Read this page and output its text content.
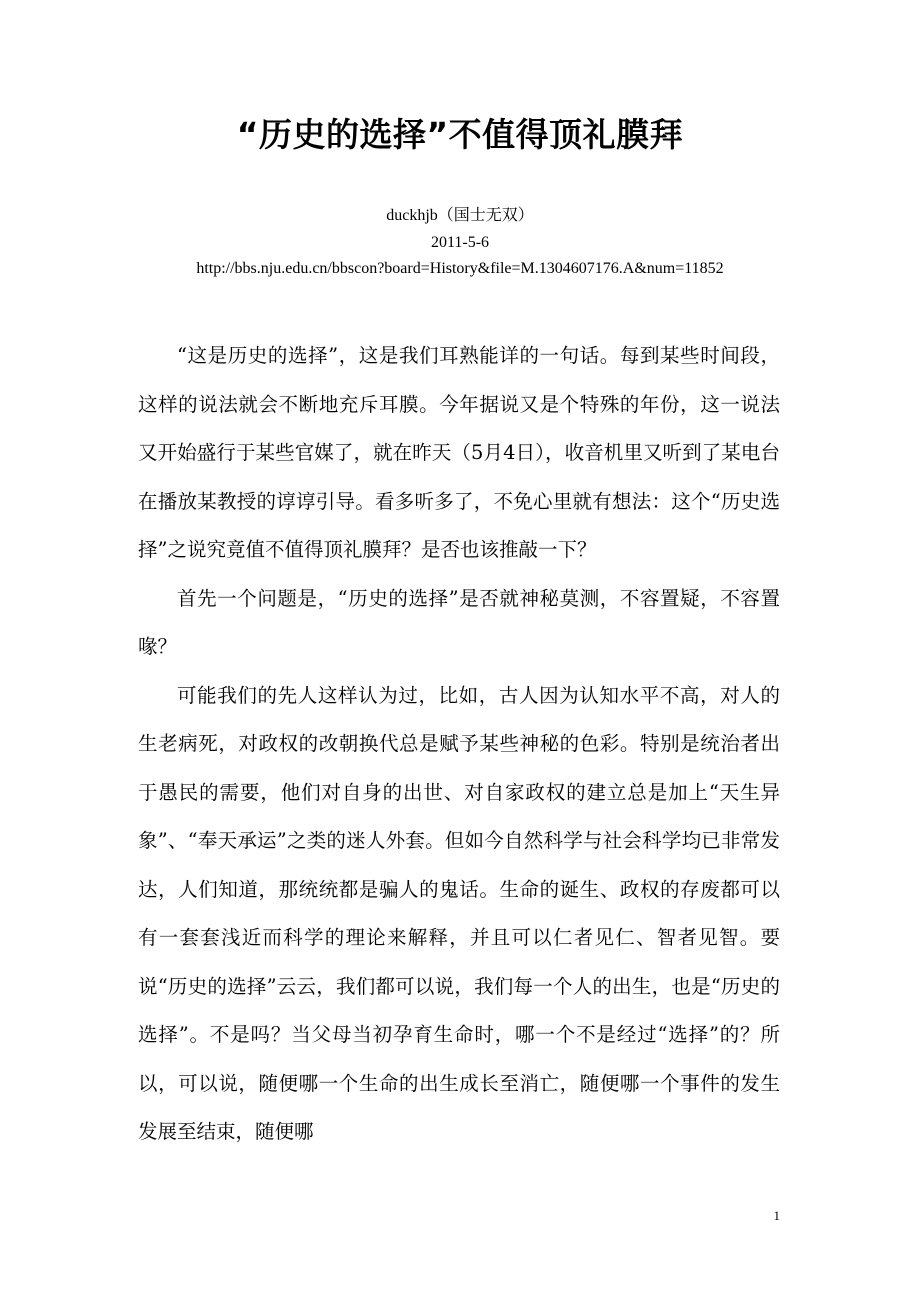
“历史的选择”不值得顶礼膜拜
duckhjb（国士无双）
2011-5-6
http://bbs.nju.edu.cn/bbscon?board=History&file=M.1304607176.A&num=11852

“这是历史的选择”，这是我们耳熟能详的一句话。每到某些时间段，这样的说法就会不断地充斥耳膜。今年据说又是个特殊的年份，这一说法又开始盛行于某些官媒了，就在昨天（5月4日），收音机里又听到了某电台在播放某教授的谆谆引导。看多听多了，不免心里就有想法：这个“历史选择”之说究竟值不值得顶礼膜拜？是否也该推敲一下？

首先一个问题是，“历史的选择”是否就神秘莫测，不容置疑，不容置喙？

可能我们的先人这样认为过，比如，古人因为认知水平不高，对人的生老病死，对政权的改朝换代总是赋予某些神秘的色彩。特别是统治者出于愚民的需要，他们对自身的出世、对自家政权的建立总是加上“天生异象”、“奉天承运”之类的迷人外套。但如今自然科学与社会科学均已非常发达，人们知道，那统统都是骗人的鬼话。生命的诞生、政权的存废都可以有一套套浅近而科学的理论来解释，并且可以仁者见仁、智者见智。要说“历史的选择”云云，我们都可以说，我们每一个人的出生，也是“历史的选择”。不是吗？当父母当初孕育生命时，哪一个不是经过“选择”的？所以，可以说，随便哪一个生命的出生成长至消亡，随便哪一个事件的发生发展至结束，随便哪

1
